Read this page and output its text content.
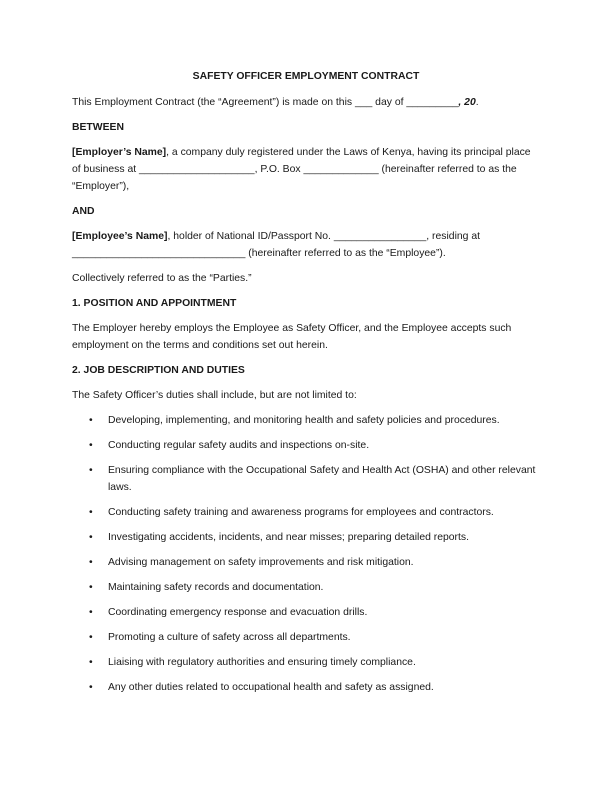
SAFETY OFFICER EMPLOYMENT CONTRACT

This Employment Contract (the “Agreement”) is made on this ___ day of _________, 20.

BETWEEN

[Employer’s Name], a company duly registered under the Laws of Kenya, having its principal place of business at ____________________, P.O. Box _____________ (hereinafter referred to as the “Employer”),

AND

[Employee’s Name], holder of National ID/Passport No. ________________, residing at ______________________________ (hereinafter referred to as the “Employee”).

Collectively referred to as the “Parties.”

1. POSITION AND APPOINTMENT

The Employer hereby employs the Employee as Safety Officer, and the Employee accepts such employment on the terms and conditions set out herein.

2. JOB DESCRIPTION AND DUTIES

The Safety Officer’s duties shall include, but are not limited to:

• Developing, implementing, and monitoring health and safety policies and procedures.
• Conducting regular safety audits and inspections on-site.
• Ensuring compliance with the Occupational Safety and Health Act (OSHA) and other relevant laws.
• Conducting safety training and awareness programs for employees and contractors.
• Investigating accidents, incidents, and near misses; preparing detailed reports.
• Advising management on safety improvements and risk mitigation.
• Maintaining safety records and documentation.
• Coordinating emergency response and evacuation drills.
• Promoting a culture of safety across all departments.
• Liaising with regulatory authorities and ensuring timely compliance.
• Any other duties related to occupational health and safety as assigned.
